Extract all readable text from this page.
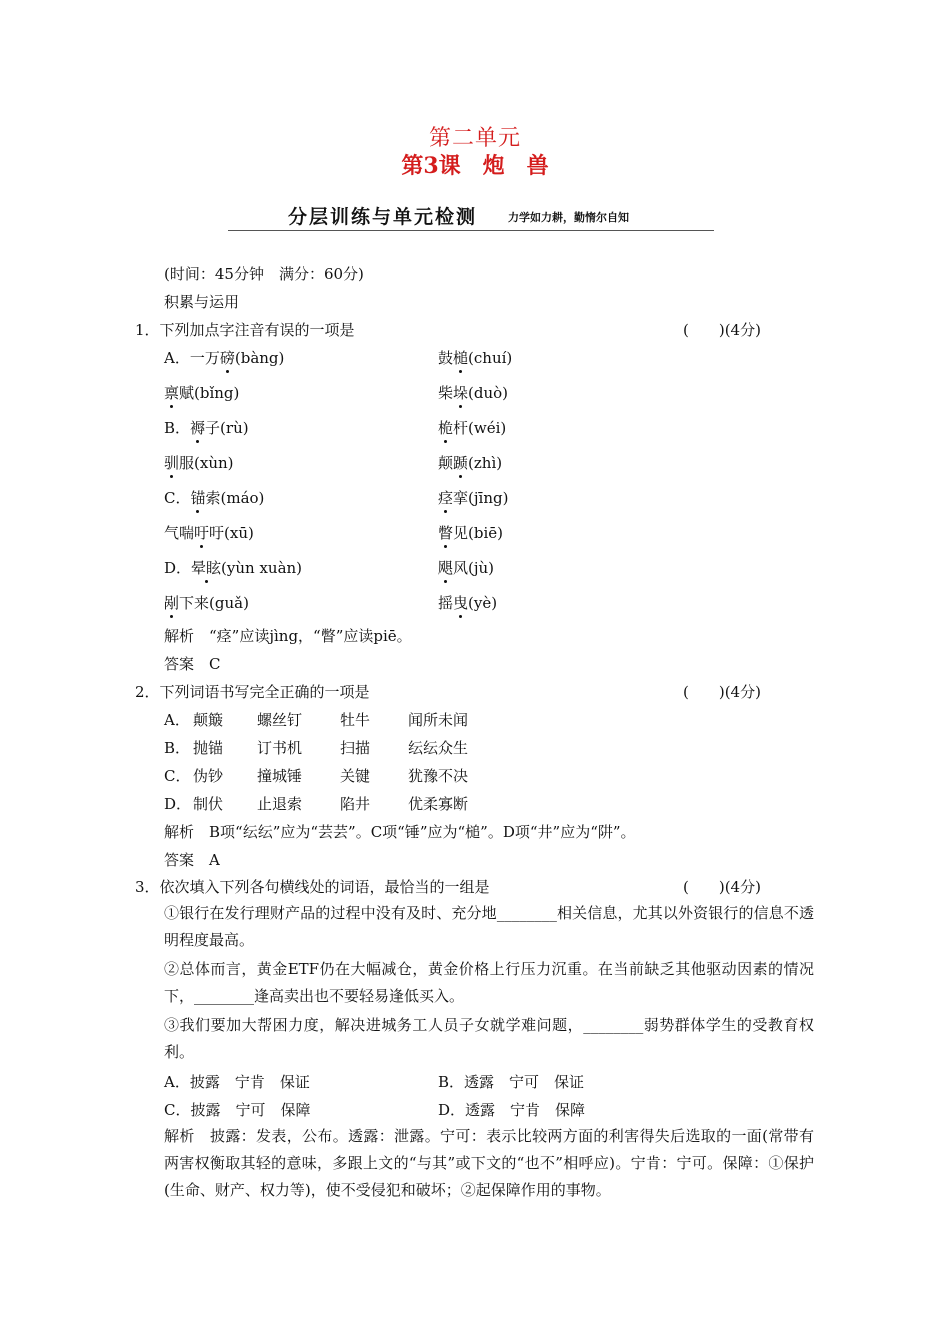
第二单元
第3课　炮　兽
分层训练与单元检测	力学如力耕，勤惰尔自知
(时间：45分钟　满分：60分)
积累与运用
1．下列加点字注音有误的一项是	(　　)(4分)
A．一万磅(bàng)	鼓槌(chuí)
禀赋(bǐng)	柴垛(duò)
B．褥子(rù)	桅杆(wéi)
驯服(xùn)	颠踬(zhì)
C．锚索(máo)	痉挛(jīng)
气喘吁吁(xū)	瞥见(biē)
D．晕眩(yùn xuàn)	飓风(jù)
剐下来(guǎ)	摇曳(yè)
解析　“痉”应读jìng，“瞥”应读piē。
答案　C
2．下列词语书写完全正确的一项是	(　　)(4分)
A． 颠簸 螺丝钉	牡牛	闻所未闻
B． 抛锚 订书机	扫描	纭纭众生
C． 伪钞 撞城锤	关键	犹豫不决
D． 制伏 止退索	陷井	优柔寡断
解析　B项“纭纭”应为“芸芸”。C项“锤”应为“槌”。D项“井”应为“阱”。
答案　A
3．依次填入下列各句横线处的词语，最恰当的一组是	(　　)(4分)
①银行在发行理财产品的过程中没有及时、充分地________相关信息，尤其以外资银行的信息不透明程度最高。
②总体而言，黄金ETF仍在大幅减仓，黄金价格上行压力沉重。在当前缺乏其他驱动因素的情况下，________逢高卖出也不要轻易逢低买入。
③我们要加大帮困力度，解决进城务工人员子女就学难问题，________弱势群体学生的受教育权利。
A．披露　宁肯　保证	B．透露　宁可　保证
C．披露　宁可　保障	D．透露　宁肯　保障
解析　披露：发表，公布。透露：泄露。宁可：表示比较两方面的利害得失后选取的一面(常带有两害权衡取其轻的意味，多跟上文的“与其”或下文的“也不”相呼应)。宁肯：宁可。保障：①保护(生命、财产、权力等)，使不受侵犯和破坏；②起保障作用的事物。
